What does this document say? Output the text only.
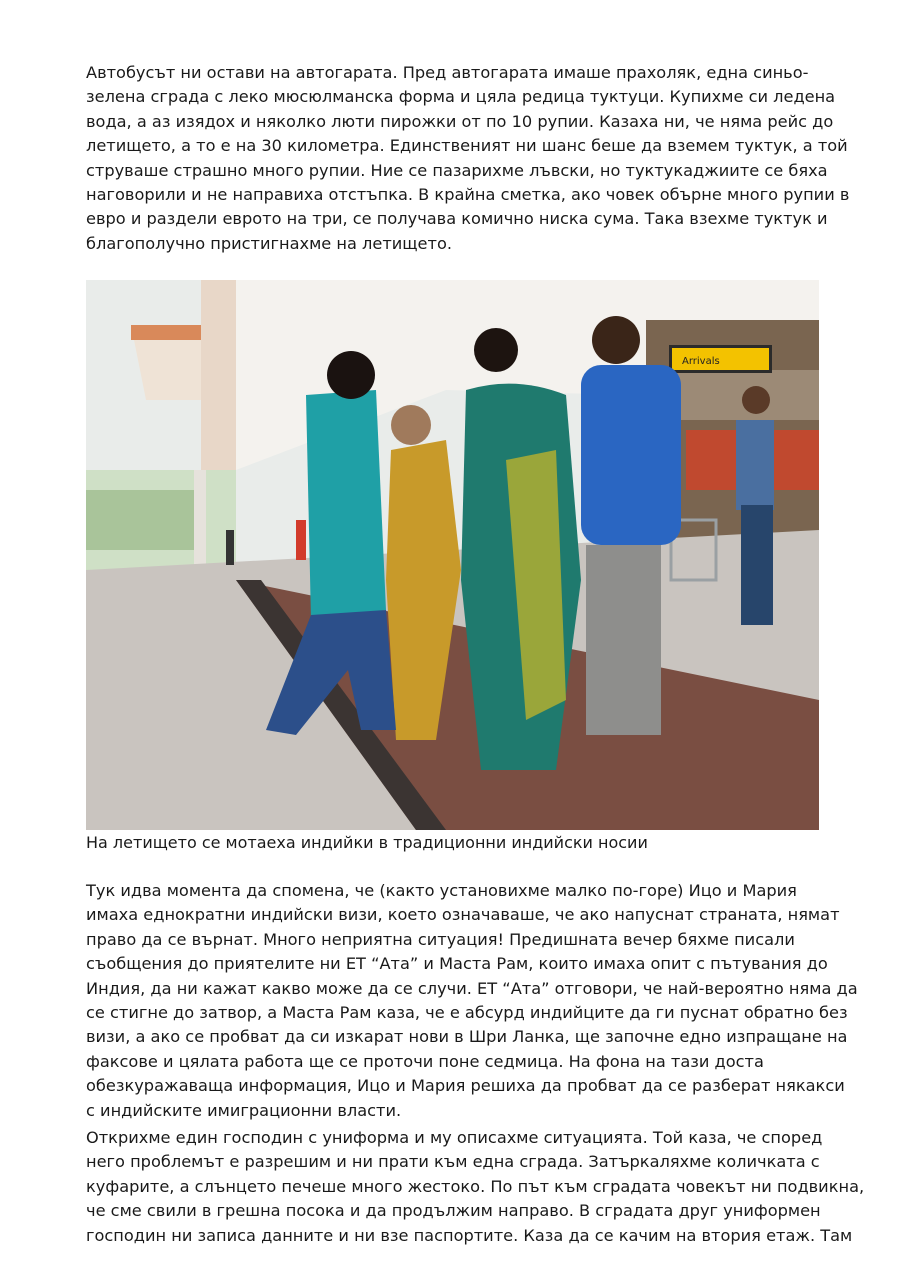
Автобусът ни остави на автогарата. Пред автогарата имаше прахоляк, една синьо-
зелена сграда с леко мюсюлманска форма и цяла редица туктуци. Купихме си ледена
вода, а аз изядох и няколко люти пирожки от по 10 рупии. Казаха ни, че няма рейс до
летището, а то е на 30 километра. Единственият ни шанс беше да вземем туктук, а той
струваше страшно много рупии. Ние се пазарихме лъвски, но туктукаджиите се бяха
наговорили и не направиха отстъпка. В крайна сметка, ако човек обърне много рупии в
евро и раздели еврото на три, се получава комично ниска сума. Така взехме туктук и
благополучно пристигнахме на летището.

Arrivals
На летището се мотаеха индийки в традиционни индийски носии

Тук идва момента да спомена, че (както установихме малко по-горе) Ицо и Мария
имаха еднократни индийски визи, което означаваше, че ако напуснат страната, нямат
право да се върнат. Много неприятна ситуация! Предишната вечер бяхме писали
съобщения до приятелите ни ЕТ “Ата” и Маста Рам, които имаха опит с пътувания до
Индия, да ни кажат какво може да се случи. ЕТ “Ата” отговори, че най-вероятно няма да
се стигне до затвор, а Маста Рам каза, че е абсурд индийците да ги пуснат обратно без
визи, а ако се пробват да си изкарат нови в Шри Ланка, ще започне едно изпращане на
факсове и цялата работа ще се проточи поне седмица. На фона на тази доста
обезкуражаваща информация, Ицо и Мария решиха да пробват да се разберат някакси
с индийските имиграционни власти.

Открихме един господин с униформа и му описахме ситуацията. Той каза, че според
него проблемът е разрешим и ни прати към една сграда. Затъркаляхме количката с
куфарите, а слънцето печеше много жестоко. По път към сградата човекът ни подвикна,
че сме свили в грешна посока и да продължим направо. В сградата друг униформен
господин ни записа данните и ни взе паспортите. Каза да се качим на втория етаж. Там
